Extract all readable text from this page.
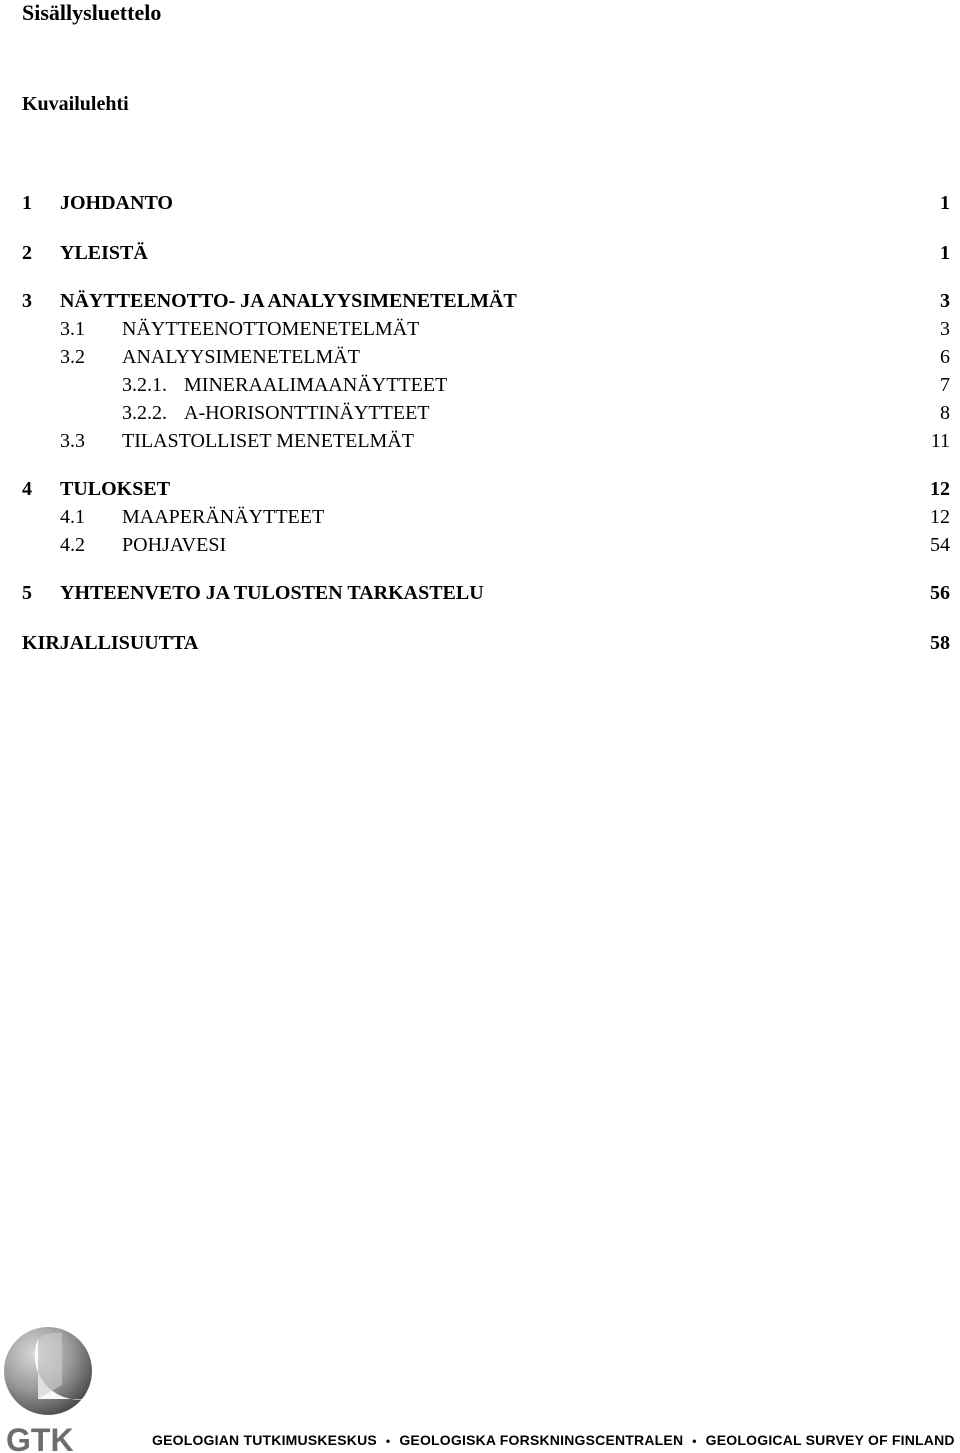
Sisällysluettelo
Kuvailulehti
1 JOHDANTO	1
2 YLEISTÄ	1
3 NÄYTTEENOTTO- JA ANALYYSIMENETELMÄT	3
3.1 NÄYTTEENOTTOMENETELMÄT	3
3.2 ANALYYSIMENETELMÄT	6
3.2.1. MINERAALIMAANÄYTTEET	7
3.2.2. A-HORISONTTINÄYTTEET	8
3.3 TILASTOLLISET MENETELMÄT	11
4 TULOKSET	12
4.1 MAAPERÄNÄYTTEET	12
4.2 POHJAVESI	54
5 YHTEENVETO JA TULOSTEN TARKASTELU	56
KIRJALLISUUTTA	58
GTK	GEOLOGIAN TUTKIMUSKESKUS • GEOLOGISKA FORSKNINGSCENTRALEN • GEOLOGICAL SURVEY OF FINLAND
